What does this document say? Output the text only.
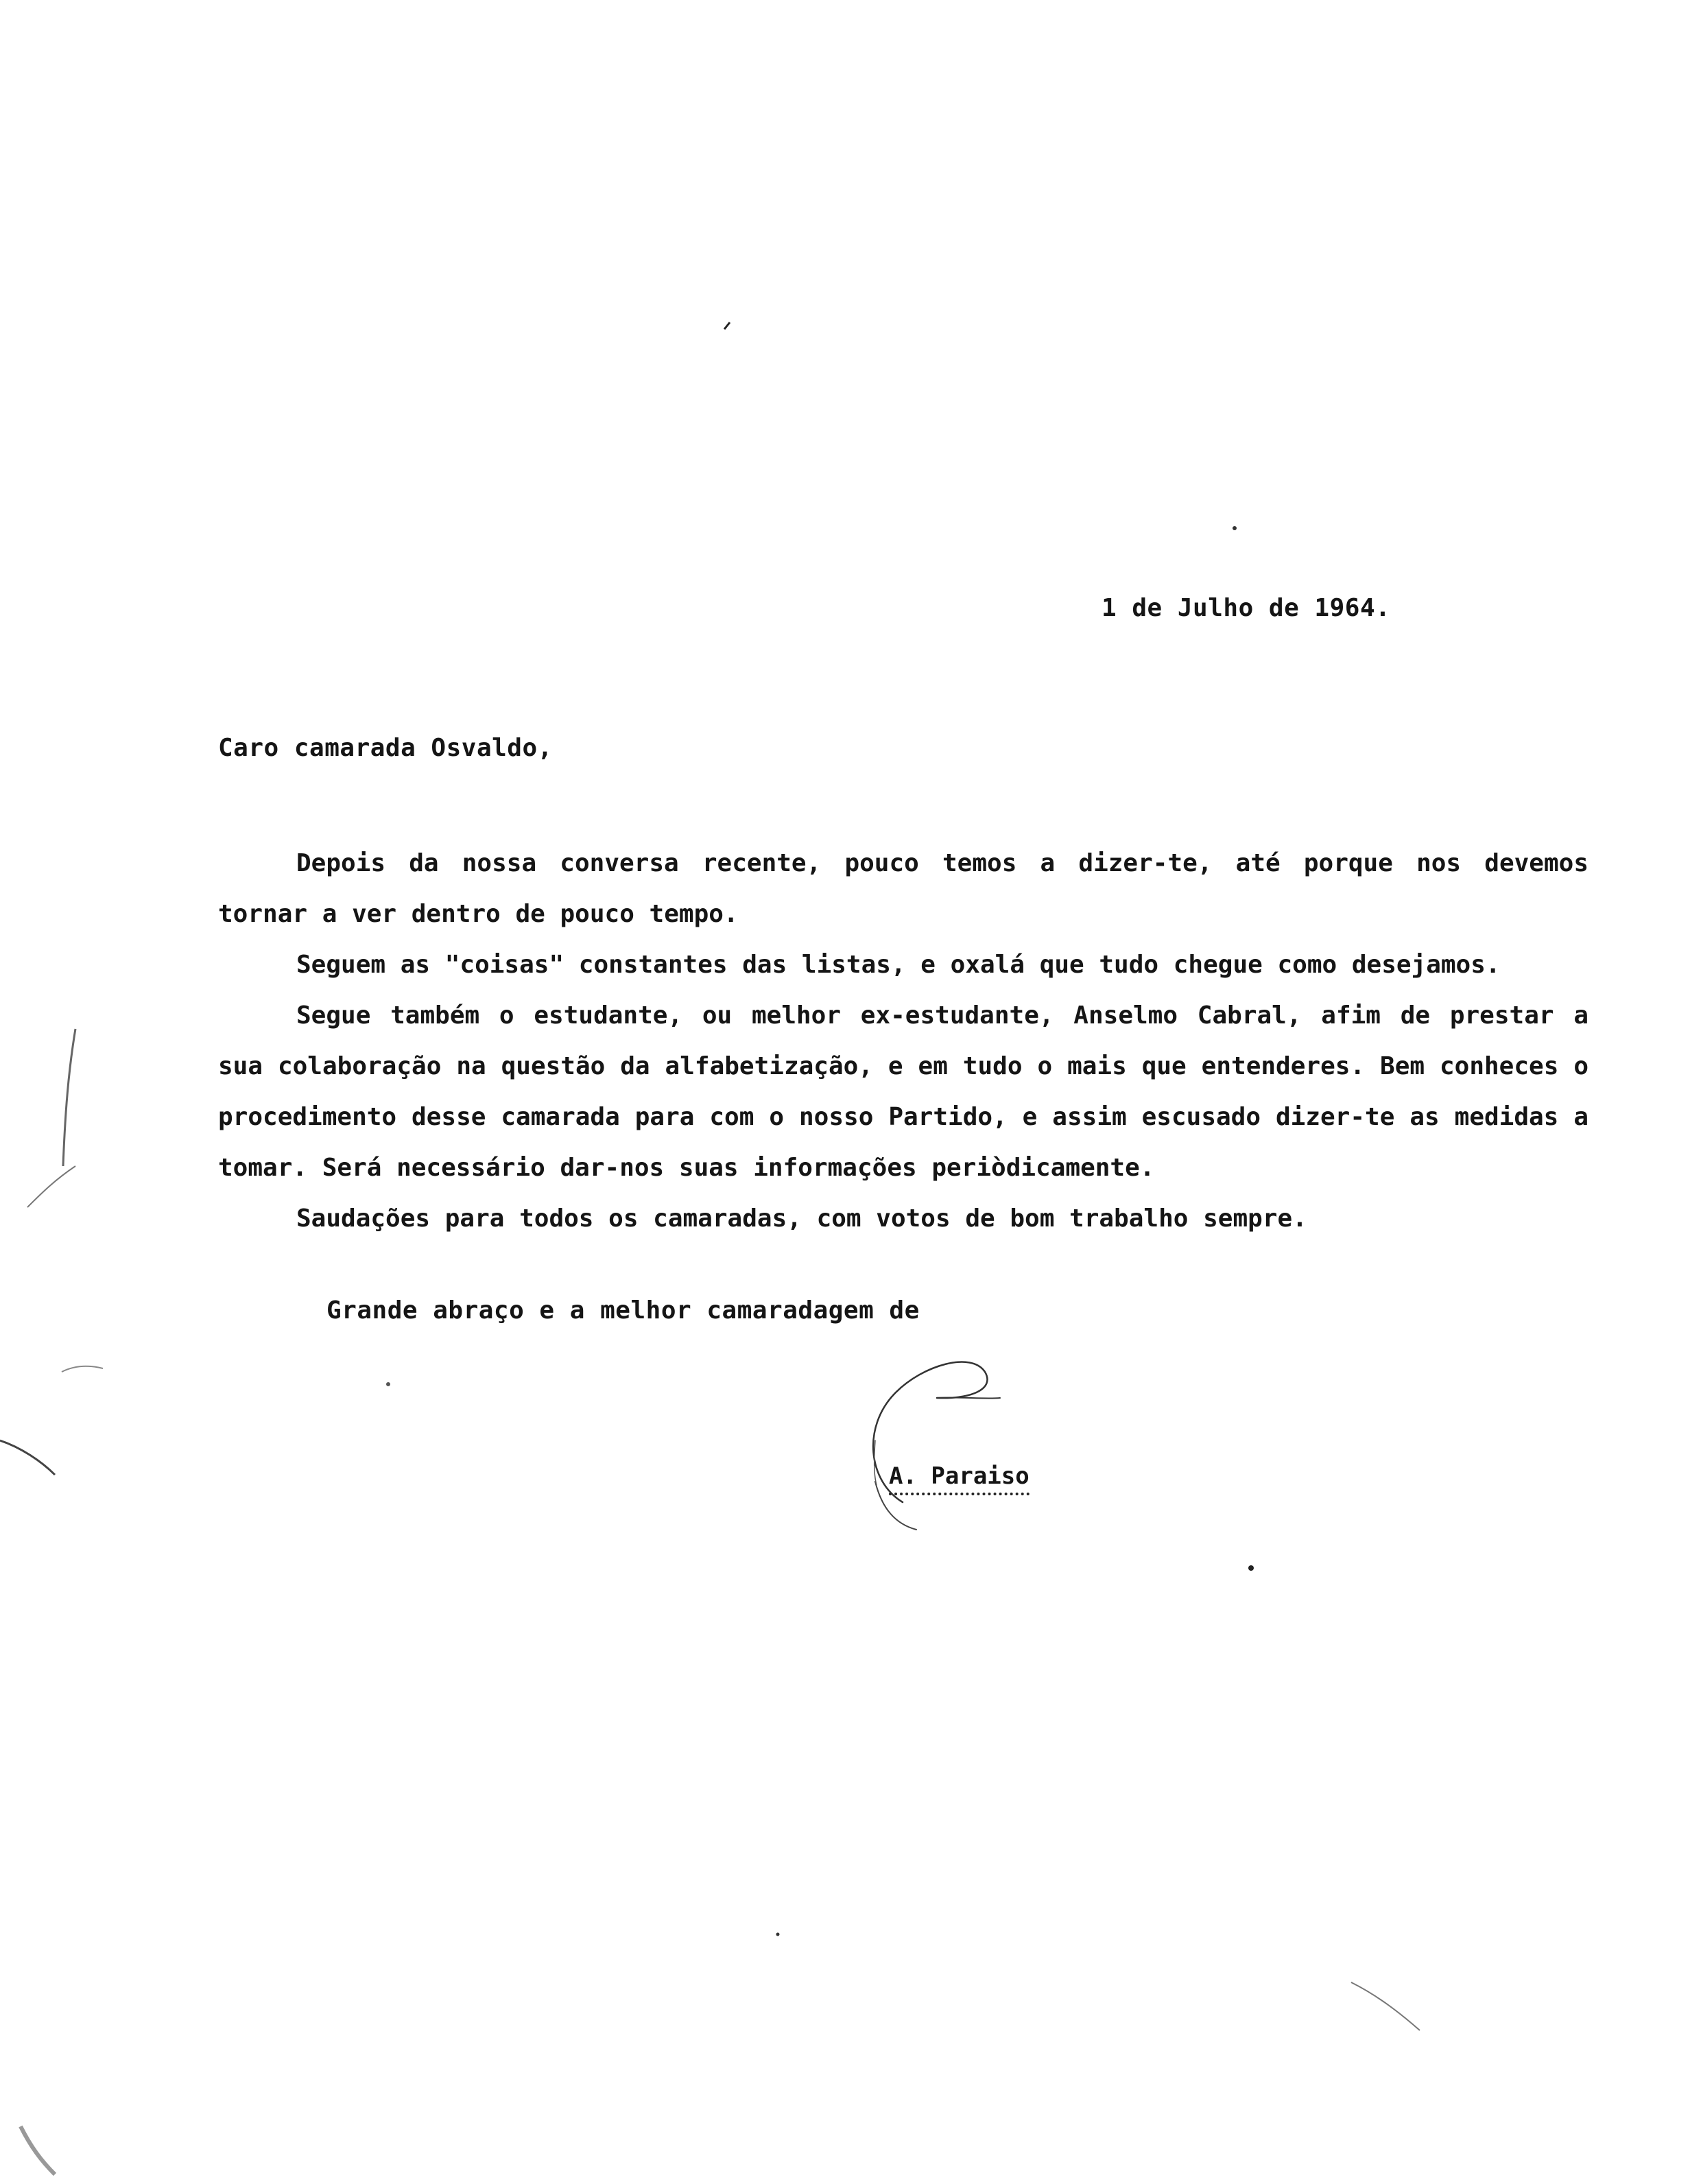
1 de Julho de 1964.
Caro camarada Osvaldo,

Depois da nossa conversa recente, pouco temos a dizer-te, até porque nos devemos tornar a ver dentro de pouco tempo.

Seguem as "coisas" constantes das listas, e oxalá que tudo chegue como desejamos.

Segue também o estudante, ou melhor ex-estudante, Anselmo Cabral, afim de prestar a sua colaboração na questão da alfabetização, e em tudo o mais que entenderes. Bem conheces o procedimento desse camarada para com o nosso Partido, e assim escusado dizer-te as medidas a tomar. Será necessário dar-nos suas informações periòdicamente.

Saudações para todos os camaradas, com votos de bom trabalho sempre.

Grande abraço e a melhor camaradagem de
A. Paraiso
